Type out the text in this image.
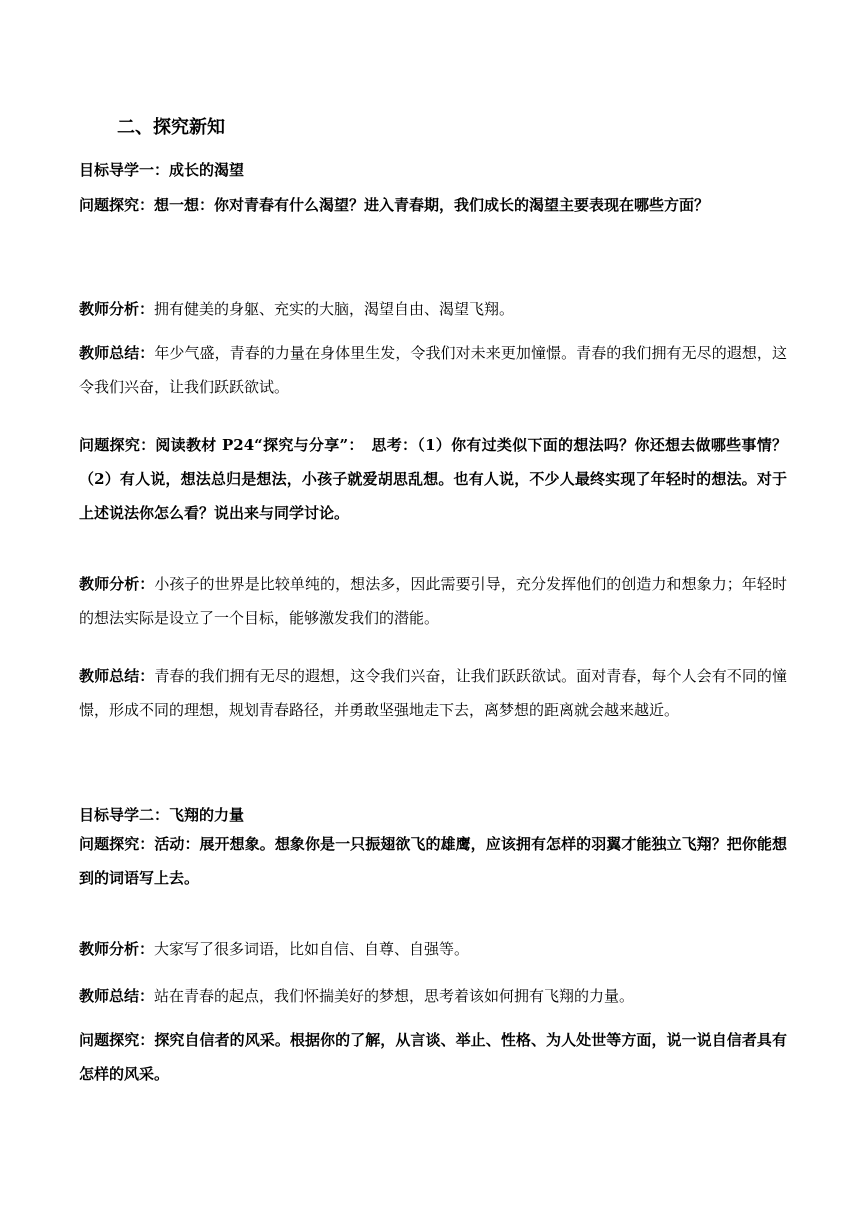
二、探究新知

目标导学一：成长的渴望

问题探究：想一想：你对青春有什么渴望？进入青春期，我们成长的渴望主要表现在哪些方面？

教师分析：拥有健美的身躯、充实的大脑，渴望自由、渴望飞翔。

教师总结：年少气盛，青春的力量在身体里生发，令我们对未来更加憧憬。青春的我们拥有无尽的遐想，这令我们兴奋，让我们跃跃欲试。

问题探究：阅读教材 P24“探究与分享”：　思考：（1）你有过类似下面的想法吗？你还想去做哪些事情？（2）有人说，想法总归是想法，小孩子就爱胡思乱想。也有人说，不少人最终实现了年轻时的想法。对于上述说法你怎么看？说出来与同学讨论。

教师分析：小孩子的世界是比较单纯的，想法多，因此需要引导，充分发挥他们的创造力和想象力；年轻时的想法实际是设立了一个目标，能够激发我们的潜能。

教师总结：青春的我们拥有无尽的遐想，这令我们兴奋，让我们跃跃欲试。面对青春，每个人会有不同的憧憬，形成不同的理想，规划青春路径，并勇敢坚强地走下去，离梦想的距离就会越来越近。

目标导学二：飞翔的力量

问题探究：活动：展开想象。想象你是一只振翅欲飞的雄鹰，应该拥有怎样的羽翼才能独立飞翔？把你能想到的词语写上去。

教师分析：大家写了很多词语，比如自信、自尊、自强等。

教师总结：站在青春的起点，我们怀揣美好的梦想，思考着该如何拥有飞翔的力量。

问题探究：探究自信者的风采。根据你的了解，从言谈、举止、性格、为人处世等方面，说一说自信者具有怎样的风采。
